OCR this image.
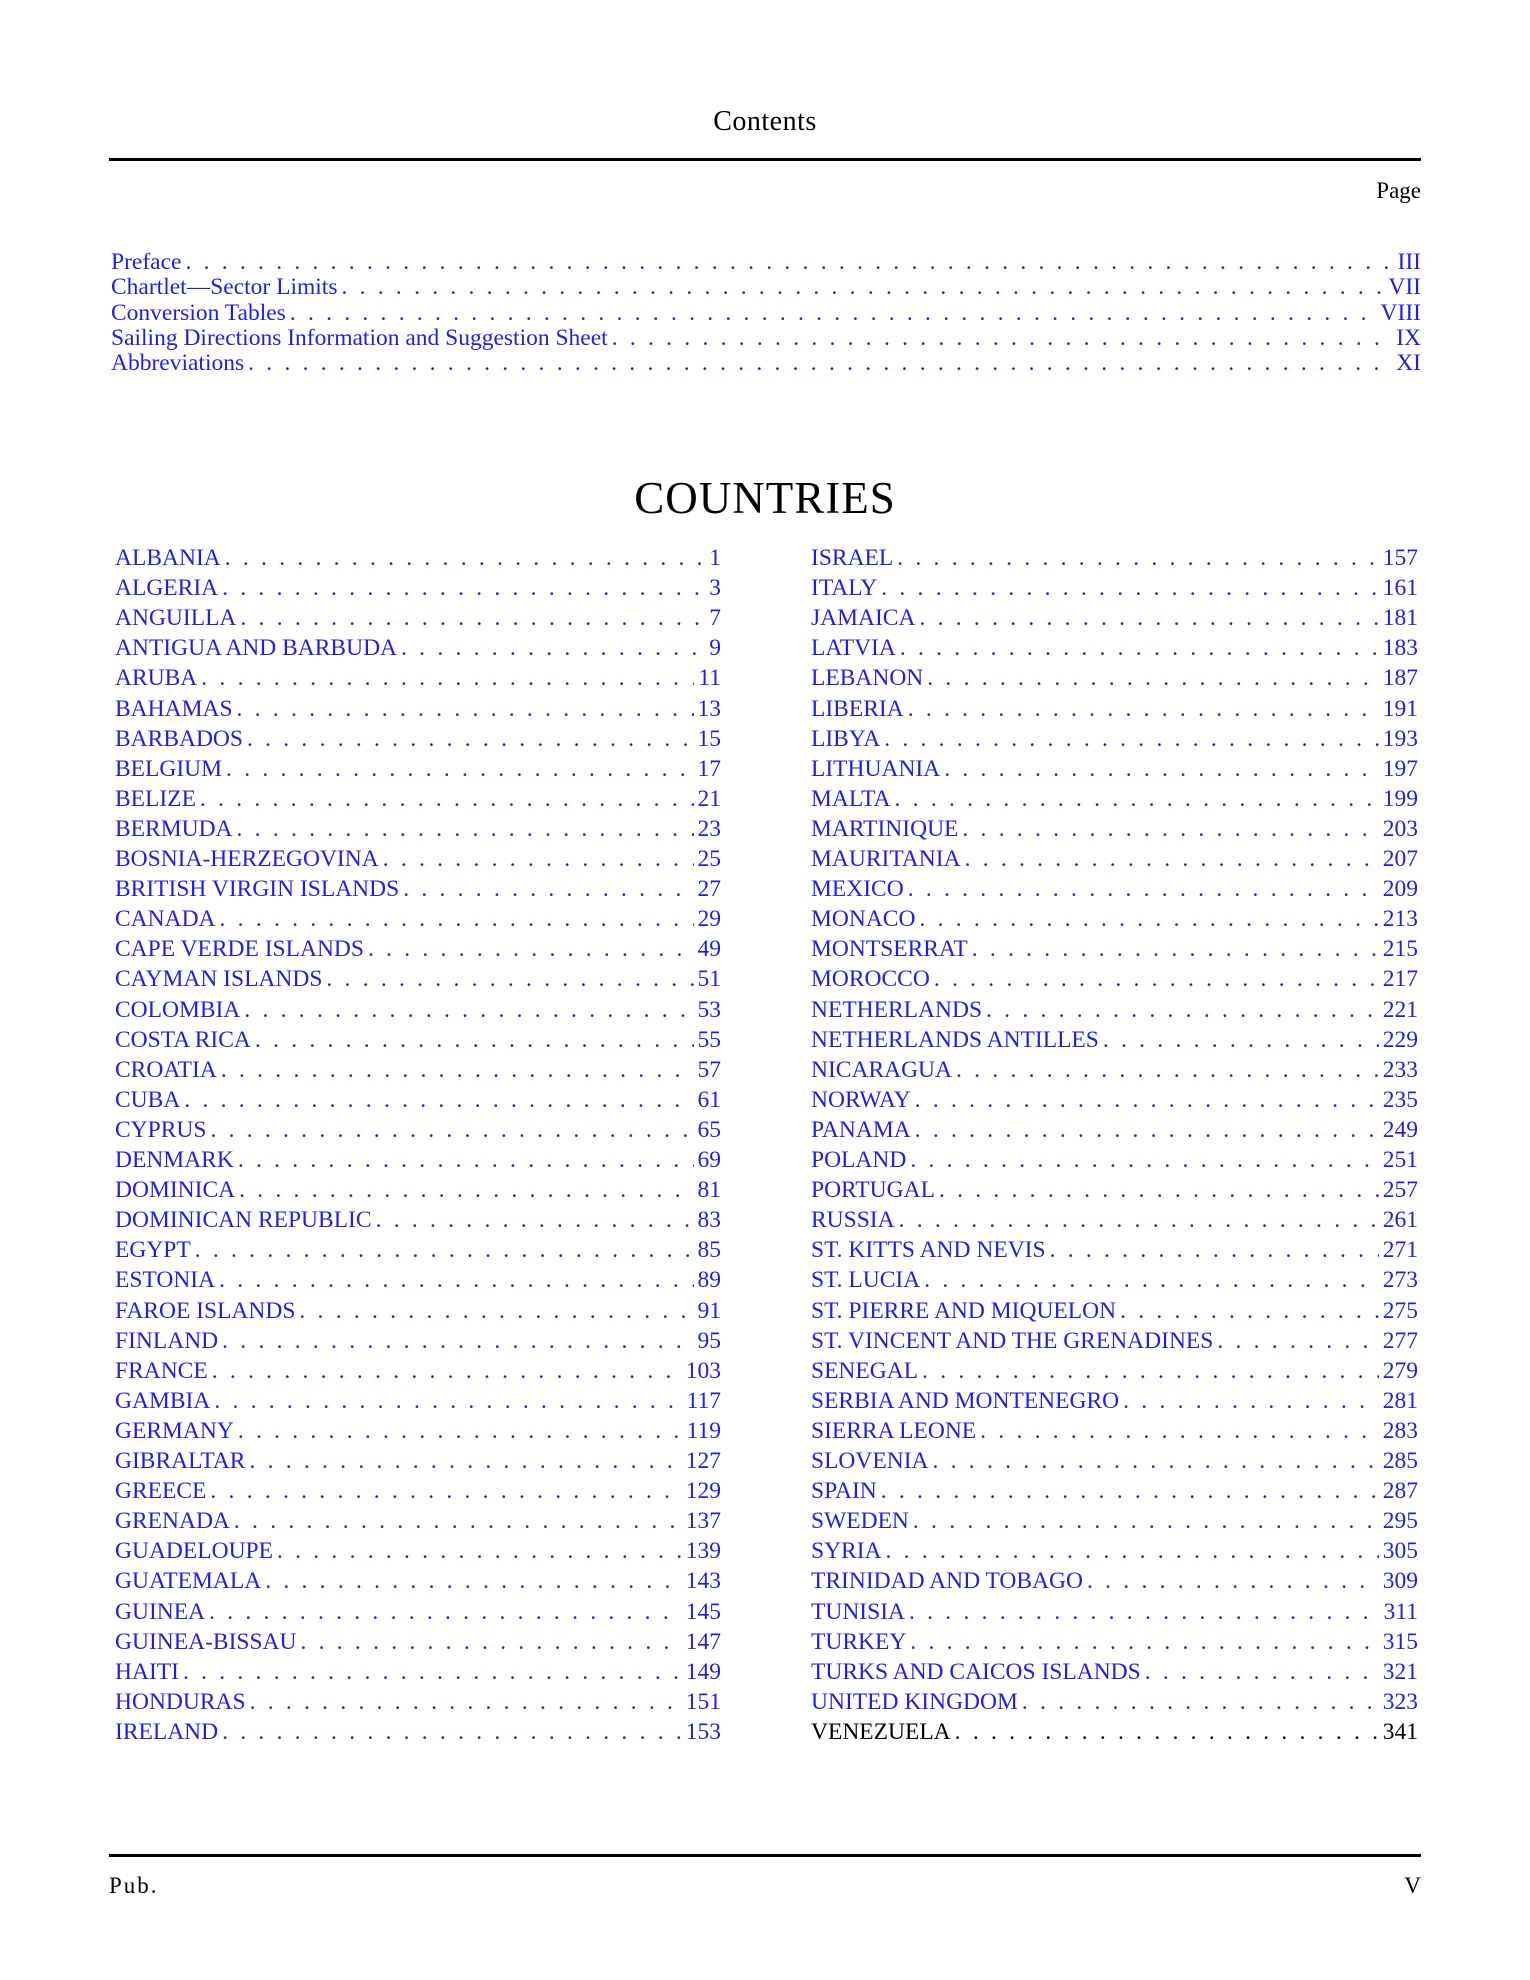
Contents
Page
Preface . . .	III
Chartlet—Sector Limits . . .	VII
Conversion Tables . . .	VIII
Sailing Directions Information and Suggestion Sheet . . .	IX
Abbreviations . . .	XI
COUNTRIES
ALBANIA . . .	1
ALGERIA . . .	3
ANGUILLA . . .	7
ANTIGUA AND BARBUDA . . .	9
ARUBA . . .	11
BAHAMAS . . .	13
BARBADOS . . .	15
BELGIUM . . .	17
BELIZE . . .	21
BERMUDA . . .	23
BOSNIA-HERZEGOVINA . . .	25
BRITISH VIRGIN ISLANDS . . .	27
CANADA . . .	29
CAPE VERDE ISLANDS . . .	49
CAYMAN ISLANDS . . .	51
COLOMBIA . . .	53
COSTA RICA . . .	55
CROATIA . . .	57
CUBA . . .	61
CYPRUS . . .	65
DENMARK . . .	69
DOMINICA . . .	81
DOMINICAN REPUBLIC . . .	83
EGYPT . . .	85
ESTONIA . . .	89
FAROE ISLANDS . . .	91
FINLAND . . .	95
FRANCE . . .	103
GAMBIA . . .	117
GERMANY . . .	119
GIBRALTAR . . .	127
GREECE . . .	129
GRENADA . . .	137
GUADELOUPE . . .	139
GUATEMALA . . .	143
GUINEA . . .	145
GUINEA-BISSAU . . .	147
HAITI . . .	149
HONDURAS . . .	151
IRELAND . . .	153
ISRAEL . . .	157
ITALY . . .	161
JAMAICA . . .	181
LATVIA . . .	183
LEBANON . . .	187
LIBERIA . . .	191
LIBYA . . .	193
LITHUANIA . . .	197
MALTA . . .	199
MARTINIQUE . . .	203
MAURITANIA . . .	207
MEXICO . . .	209
MONACO . . .	213
MONTSERRAT . . .	215
MOROCCO . . .	217
NETHERLANDS . . .	221
NETHERLANDS ANTILLES . . .	229
NICARAGUA . . .	233
NORWAY . . .	235
PANAMA . . .	249
POLAND . . .	251
PORTUGAL . . .	257
RUSSIA . . .	261
ST. KITTS AND NEVIS . . .	271
ST. LUCIA . . .	273
ST. PIERRE AND MIQUELON . . .	275
ST. VINCENT AND THE GRENADINES . . .	277
SENEGAL . . .	279
SERBIA AND MONTENEGRO . . .	281
SIERRA LEONE . . .	283
SLOVENIA . . .	285
SPAIN . . .	287
SWEDEN . . .	295
SYRIA . . .	305
TRINIDAD AND TOBAGO . . .	309
TUNISIA . . .	311
TURKEY . . .	315
TURKS AND CAICOS ISLANDS . . .	321
UNITED KINGDOM . . .	323
VENEZUELA . . .	341
Pub.	V
